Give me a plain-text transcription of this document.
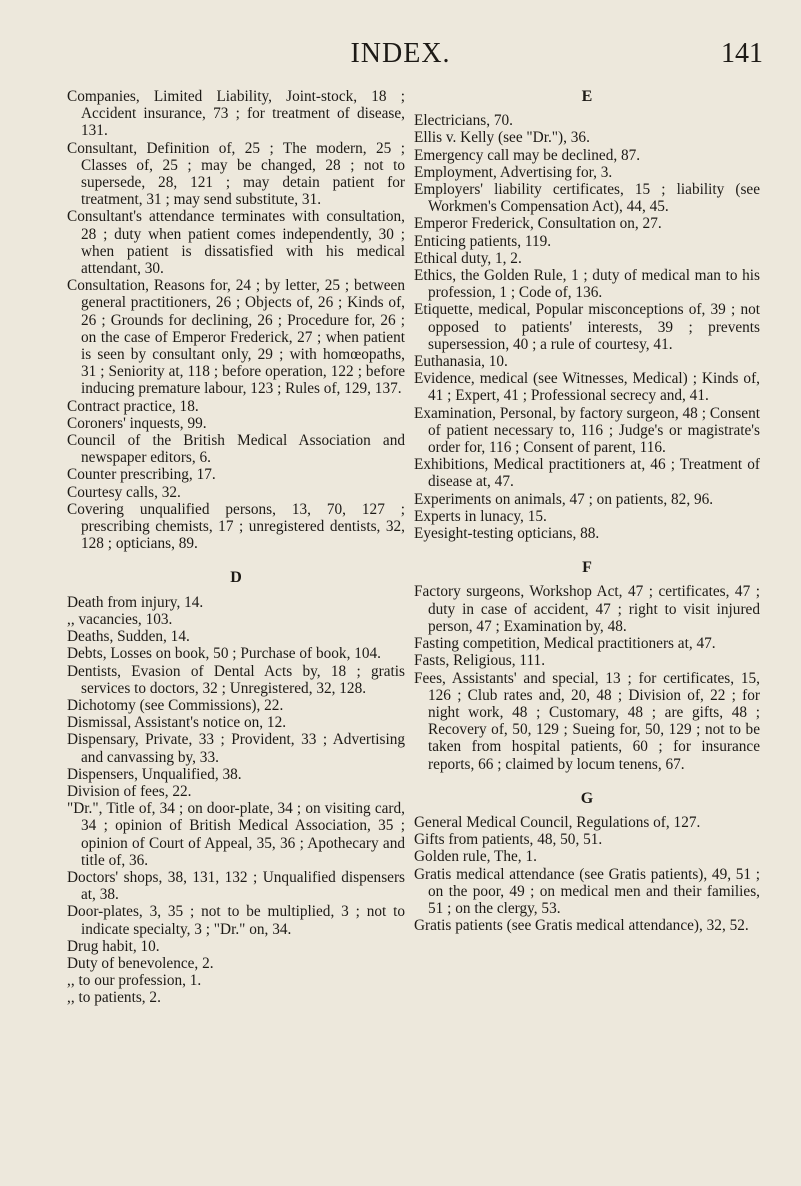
INDEX.	141

Companies, Limited Liability, Joint-stock, 18 ; Accident insurance, 73 ; for treatment of disease, 131.

Consultant, Definition of, 25 ; The modern, 25 ; Classes of, 25 ; may be changed, 28 ; not to supersede, 28, 121 ; may detain patient for treatment, 31 ; may send substitute, 31.

Consultant's attendance terminates with consultation, 28 ; duty when patient comes independently, 30 ; when patient is dissatisfied with his medical attendant, 30.

Consultation, Reasons for, 24 ; by letter, 25 ; between general practitioners, 26 ; Objects of, 26 ; Kinds of, 26 ; Grounds for declining, 26 ; Procedure for, 26 ; on the case of Emperor Frederick, 27 ; when patient is seen by consultant only, 29 ; with homœopaths, 31 ; Seniority at, 118 ; before operation, 122 ; before inducing premature labour, 123 ; Rules of, 129, 137.

Contract practice, 18.

Coroners' inquests, 99.

Council of the British Medical Association and newspaper editors, 6.

Counter prescribing, 17.

Courtesy calls, 32.

Covering unqualified persons, 13, 70, 127 ; prescribing chemists, 17 ; unregistered dentists, 32, 128 ; opticians, 89.

D

Death from injury, 14.

,, vacancies, 103.

Deaths, Sudden, 14.

Debts, Losses on book, 50 ; Purchase of book, 104.

Dentists, Evasion of Dental Acts by, 18 ; gratis services to doctors, 32 ; Unregistered, 32, 128.

Dichotomy (see Commissions), 22.

Dismissal, Assistant's notice on, 12.

Dispensary, Private, 33 ; Provident, 33 ; Advertising and canvassing by, 33.

Dispensers, Unqualified, 38.

Division of fees, 22.

"Dr.", Title of, 34 ; on door-plate, 34 ; on visiting card, 34 ; opinion of British Medical Association, 35 ; opinion of Court of Appeal, 35, 36 ; Apothecary and title of, 36.

Doctors' shops, 38, 131, 132 ; Unqualified dispensers at, 38.

Door-plates, 3, 35 ; not to be multiplied, 3 ; not to indicate specialty, 3 ; "Dr." on, 34.

Drug habit, 10.

Duty of benevolence, 2.

,, to our profession, 1.

,, to patients, 2.

E

Electricians, 70.

Ellis v. Kelly (see "Dr."), 36.

Emergency call may be declined, 87.

Employment, Advertising for, 3.

Employers' liability certificates, 15 ; liability (see Workmen's Compensation Act), 44, 45.

Emperor Frederick, Consultation on, 27.

Enticing patients, 119.

Ethical duty, 1, 2.

Ethics, the Golden Rule, 1 ; duty of medical man to his profession, 1 ; Code of, 136.

Etiquette, medical, Popular misconceptions of, 39 ; not opposed to patients' interests, 39 ; prevents supersession, 40 ; a rule of courtesy, 41.

Euthanasia, 10.

Evidence, medical (see Witnesses, Medical) ; Kinds of, 41 ; Expert, 41 ; Professional secrecy and, 41.

Examination, Personal, by factory surgeon, 48 ; Consent of patient necessary to, 116 ; Judge's or magistrate's order for, 116 ; Consent of parent, 116.

Exhibitions, Medical practitioners at, 46 ; Treatment of disease at, 47.

Experiments on animals, 47 ; on patients, 82, 96.

Experts in lunacy, 15.

Eyesight-testing opticians, 88.

F

Factory surgeons, Workshop Act, 47 ; certificates, 47 ; duty in case of accident, 47 ; right to visit injured person, 47 ; Examination by, 48.

Fasting competition, Medical practitioners at, 47.

Fasts, Religious, 111.

Fees, Assistants' and special, 13 ; for certificates, 15, 126 ; Club rates and, 20, 48 ; Division of, 22 ; for night work, 48 ; Customary, 48 ; are gifts, 48 ; Recovery of, 50, 129 ; Sueing for, 50, 129 ; not to be taken from hospital patients, 60 ; for insurance reports, 66 ; claimed by locum tenens, 67.

G

General Medical Council, Regulations of, 127.

Gifts from patients, 48, 50, 51.

Golden rule, The, 1.

Gratis medical attendance (see Gratis patients), 49, 51 ; on the poor, 49 ; on medical men and their families, 51 ; on the clergy, 53.

Gratis patients (see Gratis medical attendance), 32, 52.
